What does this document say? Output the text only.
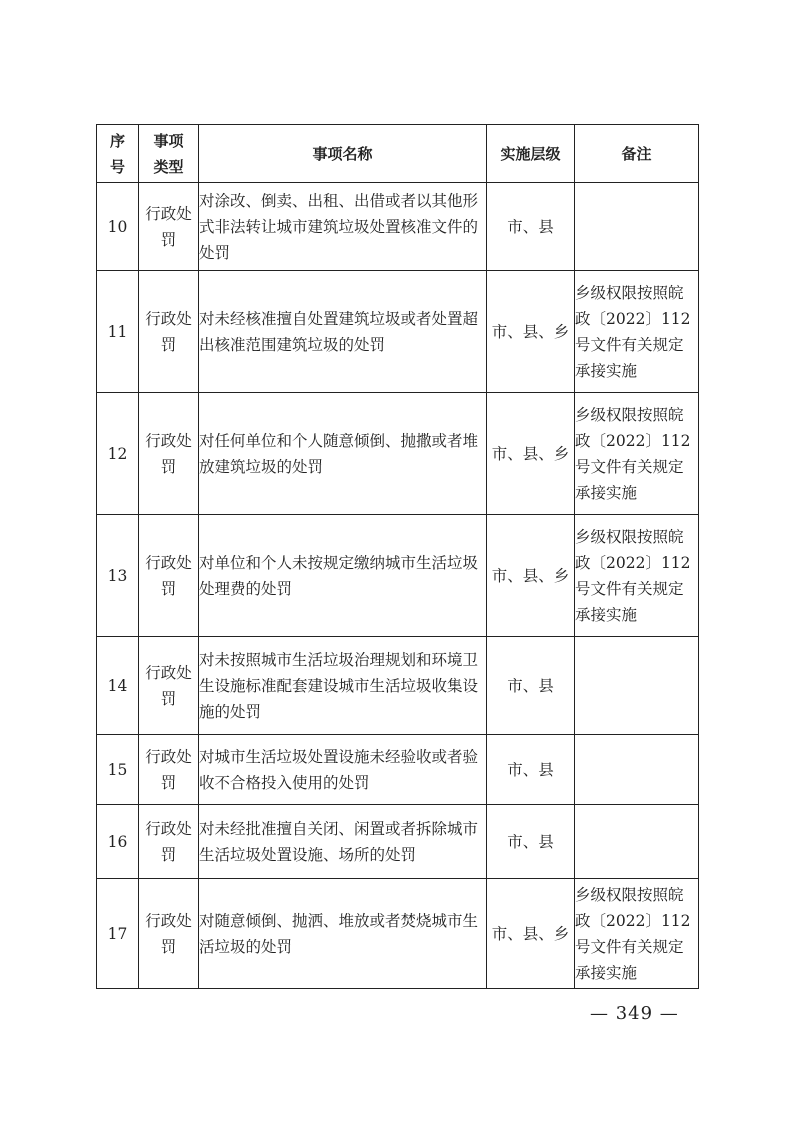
序号	事项类型	事项名称	实施层级	备注
10	行政处罚	对涂改、倒卖、出租、出借或者以其他形式非法转让城市建筑垃圾处置核准文件的处罚	市、县	
11	行政处罚	对未经核准擅自处置建筑垃圾或者处置超出核准范围建筑垃圾的处罚	市、县、乡	乡级权限按照皖政〔2022〕112号文件有关规定承接实施
12	行政处罚	对任何单位和个人随意倾倒、抛撒或者堆放建筑垃圾的处罚	市、县、乡	乡级权限按照皖政〔2022〕112号文件有关规定承接实施
13	行政处罚	对单位和个人未按规定缴纳城市生活垃圾处理费的处罚	市、县、乡	乡级权限按照皖政〔2022〕112号文件有关规定承接实施
14	行政处罚	对未按照城市生活垃圾治理规划和环境卫生设施标准配套建设城市生活垃圾收集设施的处罚	市、县	
15	行政处罚	对城市生活垃圾处置设施未经验收或者验收不合格投入使用的处罚	市、县	
16	行政处罚	对未经批准擅自关闭、闲置或者拆除城市生活垃圾处置设施、场所的处罚	市、县	
17	行政处罚	对随意倾倒、抛洒、堆放或者焚烧城市生活垃圾的处罚	市、县、乡	乡级权限按照皖政〔2022〕112号文件有关规定承接实施
— 349 —
